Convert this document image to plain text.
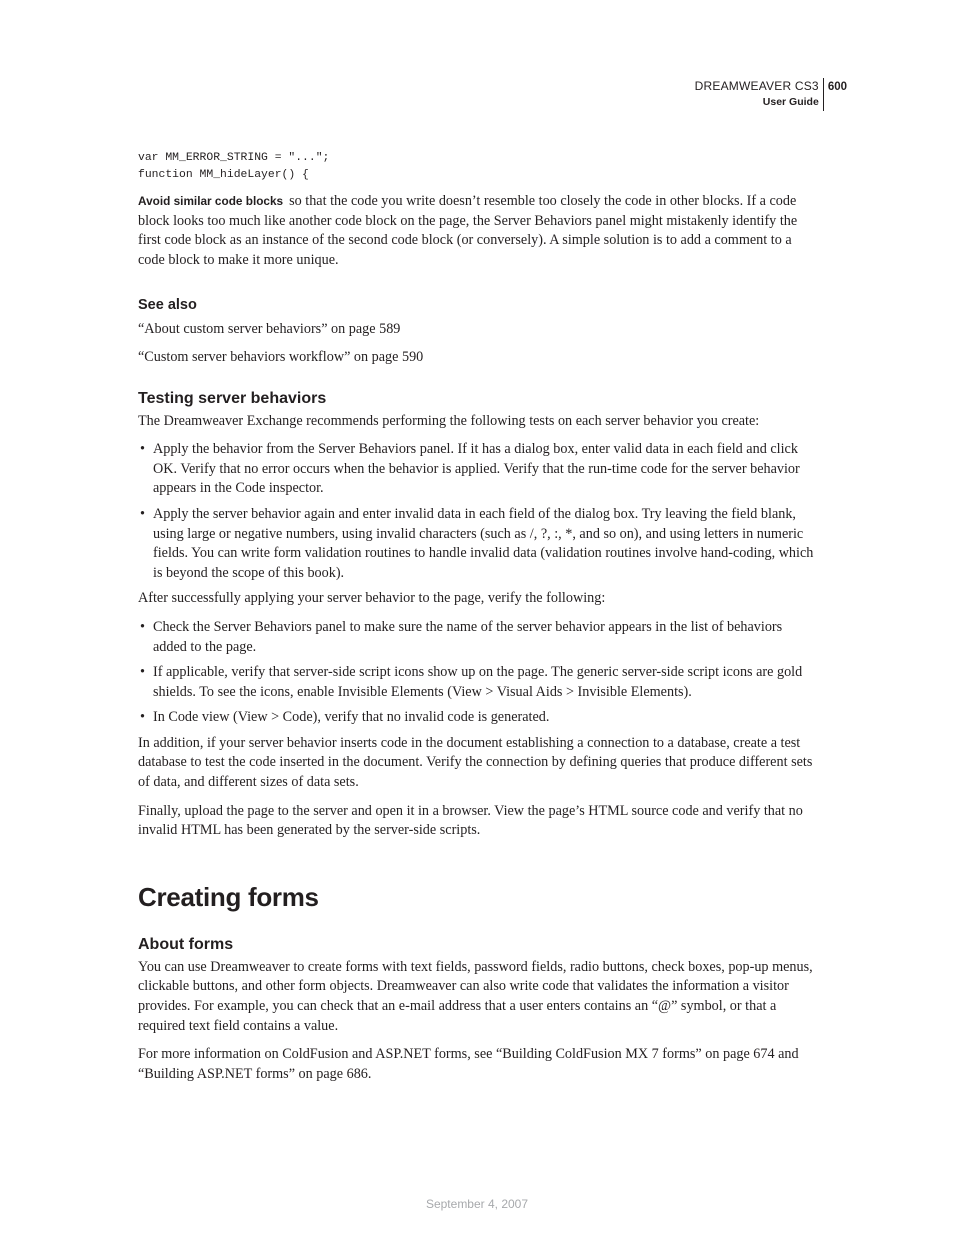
DREAMWEAVER CS3
User Guide
600
var MM_ERROR_STRING = "...";
function MM_hideLayer() {

Avoid similar code blocks so that the code you write doesn’t resemble too closely the code in other blocks. If a code block looks too much like another code block on the page, the Server Behaviors panel might mistakenly identify the first code block as an instance of the second code block (or conversely). A simple solution is to add a comment to a code block to make it more unique.

See also

“About custom server behaviors” on page 589

“Custom server behaviors workflow” on page 590

Testing server behaviors

The Dreamweaver Exchange recommends performing the following tests on each server behavior you create:

• Apply the behavior from the Server Behaviors panel. If it has a dialog box, enter valid data in each field and click OK. Verify that no error occurs when the behavior is applied. Verify that the run-time code for the server behavior appears in the Code inspector.
• Apply the server behavior again and enter invalid data in each field of the dialog box. Try leaving the field blank, using large or negative numbers, using invalid characters (such as /, ?, :, *, and so on), and using letters in numeric fields. You can write form validation routines to handle invalid data (validation routines involve hand-coding, which is beyond the scope of this book).

After successfully applying your server behavior to the page, verify the following:

• Check the Server Behaviors panel to make sure the name of the server behavior appears in the list of behaviors added to the page.
• If applicable, verify that server-side script icons show up on the page. The generic server-side script icons are gold shields. To see the icons, enable Invisible Elements (View > Visual Aids > Invisible Elements).
• In Code view (View > Code), verify that no invalid code is generated.

In addition, if your server behavior inserts code in the document establishing a connection to a database, create a test database to test the code inserted in the document. Verify the connection by defining queries that produce different sets of data, and different sizes of data sets.

Finally, upload the page to the server and open it in a browser. View the page’s HTML source code and verify that no invalid HTML has been generated by the server-side scripts.

Creating forms
About forms

You can use Dreamweaver to create forms with text fields, password fields, radio buttons, check boxes, pop-up menus, clickable buttons, and other form objects. Dreamweaver can also write code that validates the information a visitor provides. For example, you can check that an e-mail address that a user enters contains an “@” symbol, or that a required text field contains a value.

For more information on ColdFusion and ASP.NET forms, see “Building ColdFusion MX 7 forms” on page 674 and “Building ASP.NET forms” on page 686.

September 4, 2007
